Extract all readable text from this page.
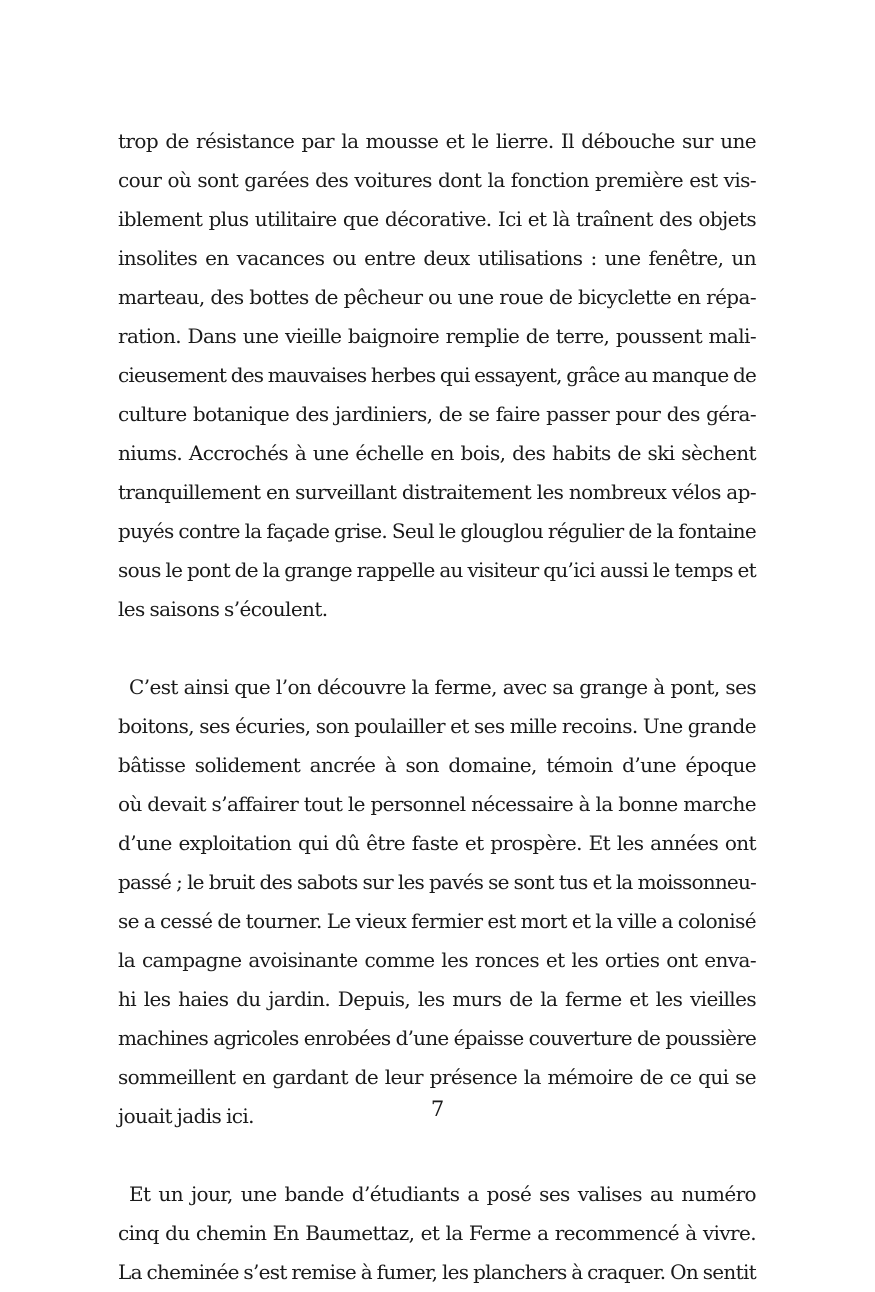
trop de résistance par la mousse et le lierre. Il débouche sur une
cour où sont garées des voitures dont la fonction première est vis-
iblement plus utilitaire que décorative. Ici et là traînent des objets
insolites en vacances ou entre deux utilisations : une fenêtre, un
marteau, des bottes de pêcheur ou une roue de bicyclette en répa-
ration. Dans une vieille baignoire remplie de terre, poussent mali-
cieusement des mauvaises herbes qui essayent, grâce au manque de
culture botanique des jardiniers, de se faire passer pour des géra-
niums. Accrochés à une échelle en bois, des habits de ski sèchent
tranquillement en surveillant distraitement les nombreux vélos ap-
puyés contre la façade grise. Seul le glouglou régulier de la fontaine
sous le pont de la grange rappelle au visiteur qu’ici aussi le temps et
les saisons s’écoulent.
C’est ainsi que l’on découvre la ferme, avec sa grange à pont, ses
boitons, ses écuries, son poulailler et ses mille recoins. Une grande
bâtisse solidement ancrée à son domaine, témoin d’une époque
où devait s’affairer tout le personnel nécessaire à la bonne marche
d’une exploitation qui dû être faste et prospère. Et les années ont
passé ; le bruit des sabots sur les pavés se sont tus et la moissonneu-
se a cessé de tourner. Le vieux fermier est mort et la ville a colonisé
la campagne avoisinante comme les ronces et les orties ont enva-
hi les haies du jardin. Depuis, les murs de la ferme et les vieilles
machines agricoles enrobées d’une épaisse couverture de poussière
sommeillent en gardant de leur présence la mémoire de ce qui se
jouait jadis ici.
Et un jour, une bande d’étudiants a posé ses valises au numéro
cinq du chemin En Baumettaz, et la Ferme a recommencé à vivre.
La cheminée s’est remise à fumer, les planchers à craquer. On sentit
7
